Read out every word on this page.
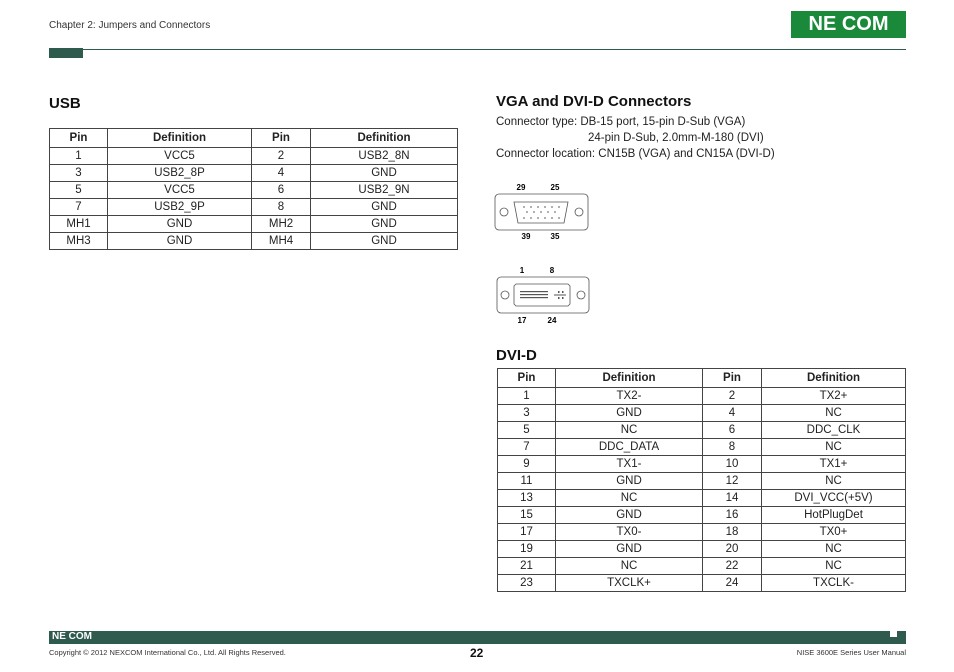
Chapter 2: Jumpers and Connectors	NE COM
USB
Pin	Definition	Pin	Definition
1	VCC5	2	USB2_8N
3	USB2_8P	4	GND
5	VCC5	6	USB2_9N
7	USB2_9P	8	GND
MH1	GND	MH2	GND
MH3	GND	MH4	GND
VGA and DVI-D Connectors
Connector type: DB-15 port, 15-pin D-Sub (VGA)
24-pin D-Sub, 2.0mm-M-180 (DVI)
Connector location: CN15B (VGA) and CN15A (DVI-D)
29	25
39	35
1	8
17	24
DVI-D
Pin	Definition	Pin	Definition
1	TX2-	2	TX2+
3	GND	4	NC
5	NC	6	DDC_CLK
7	DDC_DATA	8	NC
9	TX1-	10	TX1+
11	GND	12	NC
13	NC	14	DVI_VCC(+5V)
15	GND	16	HotPlugDet
17	TX0-	18	TX0+
19	GND	20	NC
21	NC	22	NC
23	TXCLK+	24	TXCLK-
NE COM
Copyright © 2012 NEXCOM International Co., Ltd. All Rights Reserved.	22	NISE 3600E Series User Manual
